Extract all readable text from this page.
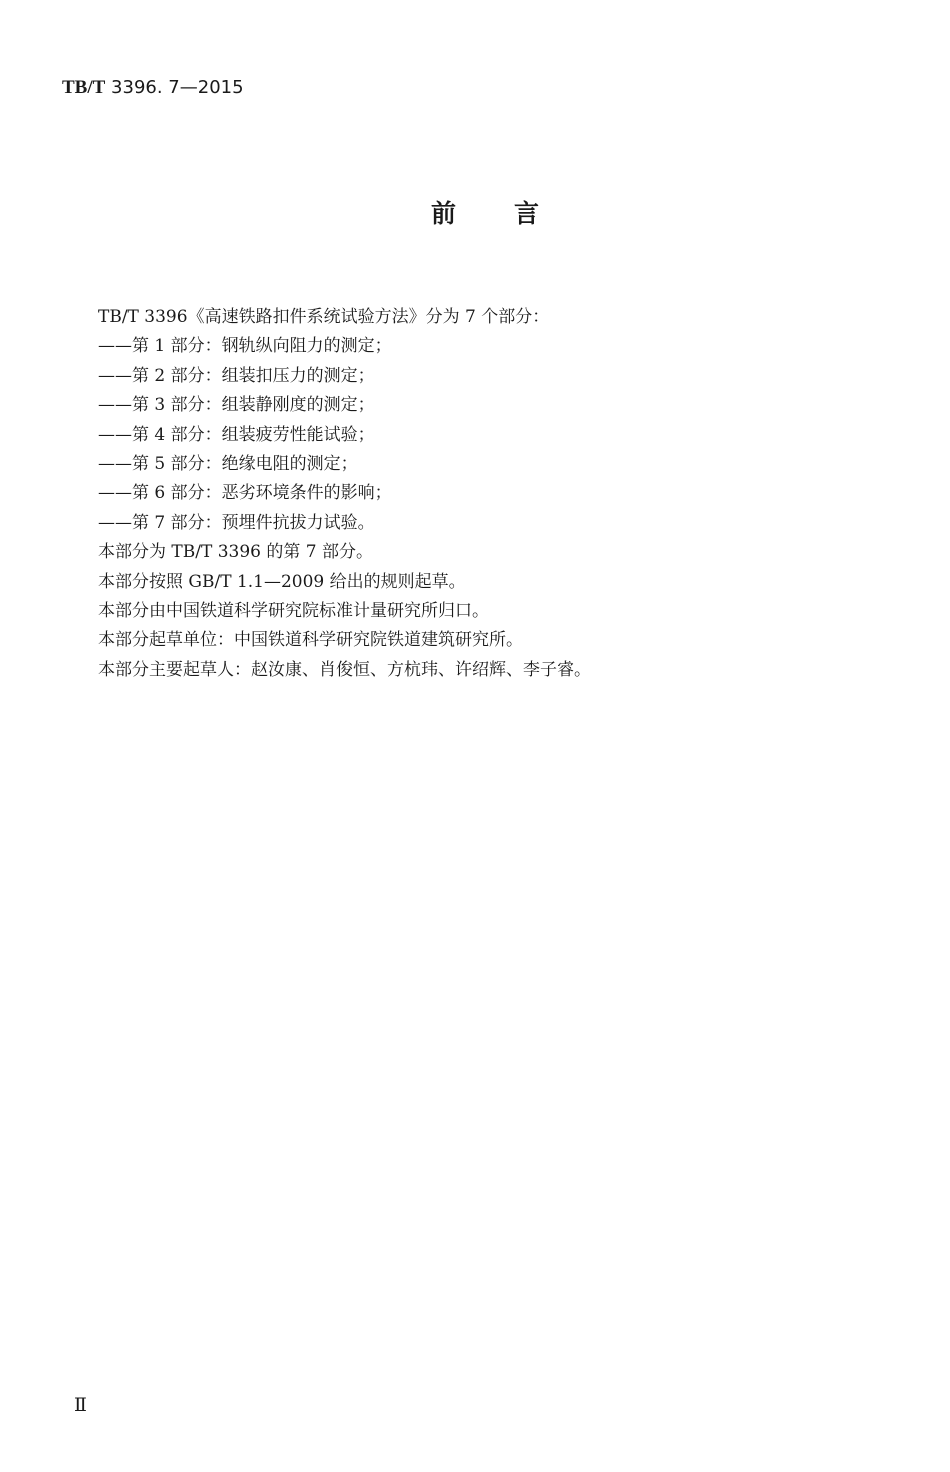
TB/T 3396. 7—2015
前言

TB/T 3396《高速铁路扣件系统试验方法》分为 7 个部分：

——第 1 部分：钢轨纵向阻力的测定；

——第 2 部分：组装扣压力的测定；

——第 3 部分：组装静刚度的测定；

——第 4 部分：组装疲劳性能试验；

——第 5 部分：绝缘电阻的测定；

——第 6 部分：恶劣环境条件的影响；

——第 7 部分：预埋件抗拔力试验。

本部分为 TB/T 3396 的第 7 部分。

本部分按照 GB/T 1.1—2009 给出的规则起草。

本部分由中国铁道科学研究院标准计量研究所归口。

本部分起草单位：中国铁道科学研究院铁道建筑研究所。

本部分主要起草人：赵汝康、肖俊恒、方杭玮、许绍辉、李子睿。

Ⅱ
